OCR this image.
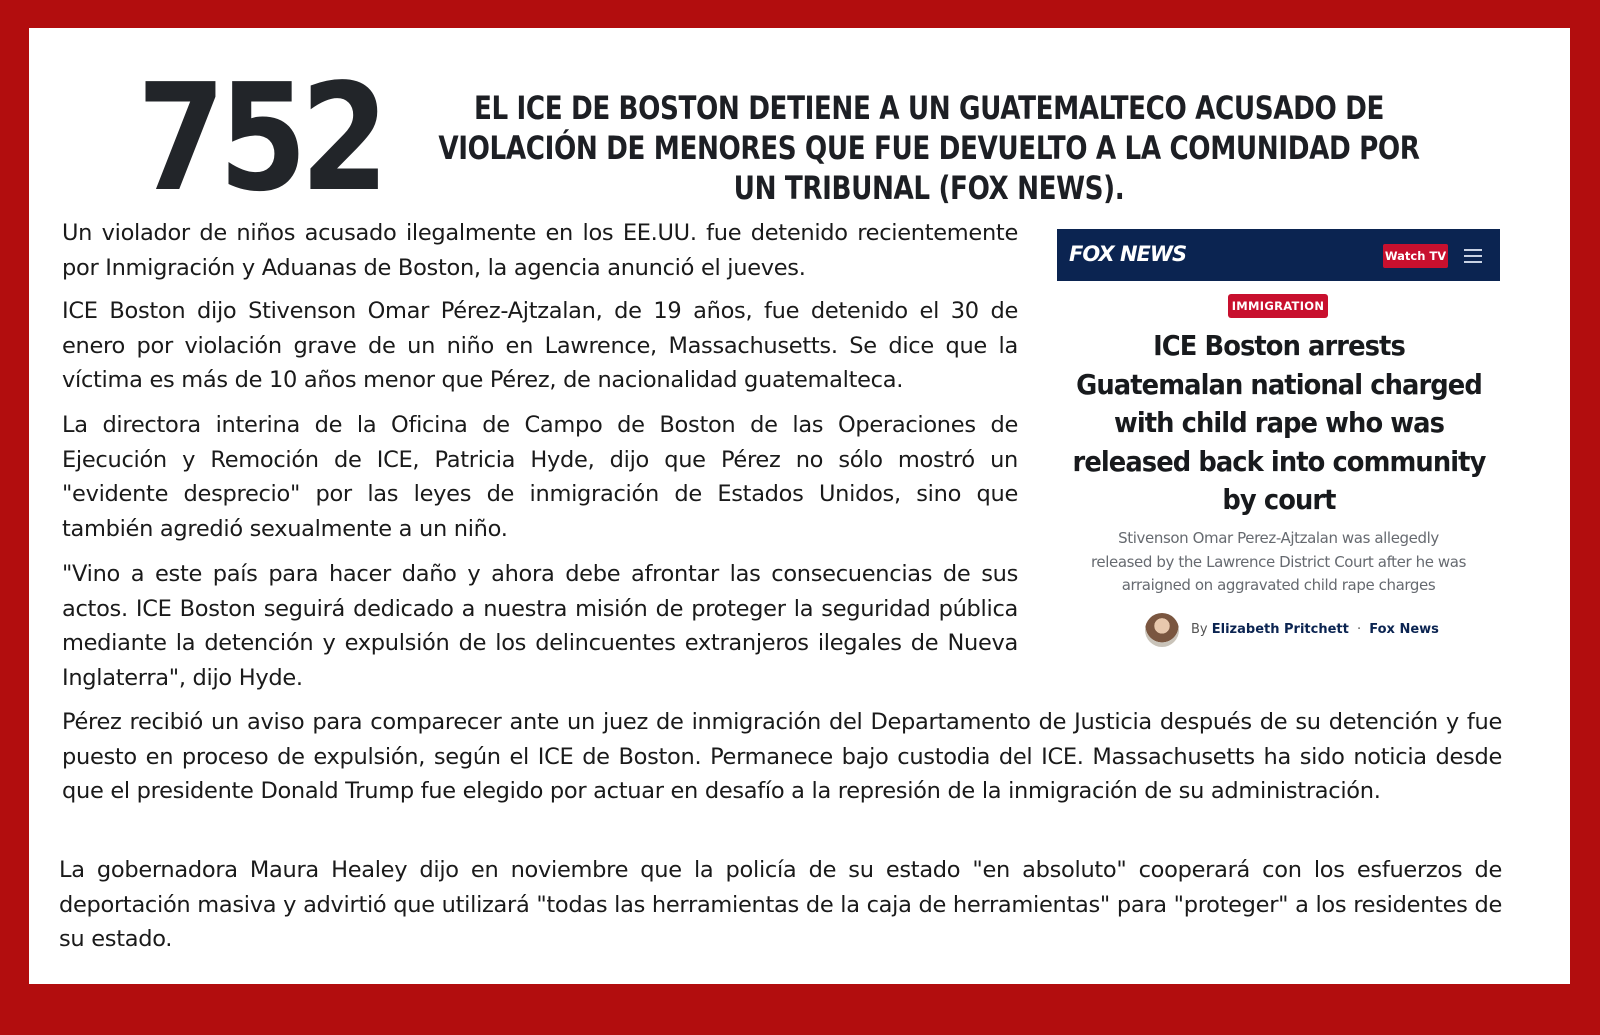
752	EL ICE DE BOSTON DETIENE A UN GUATEMALTECO ACUSADO DE VIOLACIÓN DE MENORES QUE FUE DEVUELTO A LA COMUNIDAD POR UN TRIBUNAL (FOX NEWS).

Un violador de niños acusado ilegalmente en los EE.UU. fue detenido recientemente por Inmigración y Aduanas de Boston, la agencia anunció el jueves.

ICE Boston dijo Stivenson Omar Pérez-Ajtzalan, de 19 años, fue detenido el 30 de enero por violación grave de un niño en Lawrence, Massachusetts. Se dice que la víctima es más de 10 años menor que Pérez, de nacionalidad guatemalteca.

La directora interina de la Oficina de Campo de Boston de las Operaciones de Ejecución y Remoción de ICE, Patricia Hyde, dijo que Pérez no sólo mostró un "evidente desprecio" por las leyes de inmigración de Estados Unidos, sino que también agredió sexualmente a un niño.

"Vino a este país para hacer daño y ahora debe afrontar las consecuencias de sus actos. ICE Boston seguirá dedicado a nuestra misión de proteger la seguridad pública mediante la detención y expulsión de los delincuentes extranjeros ilegales de Nueva Inglaterra", dijo Hyde.

Pérez recibió un aviso para comparecer ante un juez de inmigración del Departamento de Justicia después de su detención y fue puesto en proceso de expulsión, según el ICE de Boston. Permanece bajo custodia del ICE. Massachusetts ha sido noticia desde que el presidente Donald Trump fue elegido por actuar en desafío a la represión de la inmigración de su administración.

La gobernadora Maura Healey dijo en noviembre que la policía de su estado "en absoluto" cooperará con los esfuerzos de deportación masiva y advirtió que utilizará "todas las herramientas de la caja de herramientas" para "proteger" a los residentes de su estado.

FOX NEWS	Watch TV
IMMIGRATION
ICE Boston arrests Guatemalan national charged with child rape who was released back into community by court
Stivenson Omar Perez-Ajtzalan was allegedly released by the Lawrence District Court after he was arraigned on aggravated child rape charges
By Elizabeth Pritchett · Fox News
